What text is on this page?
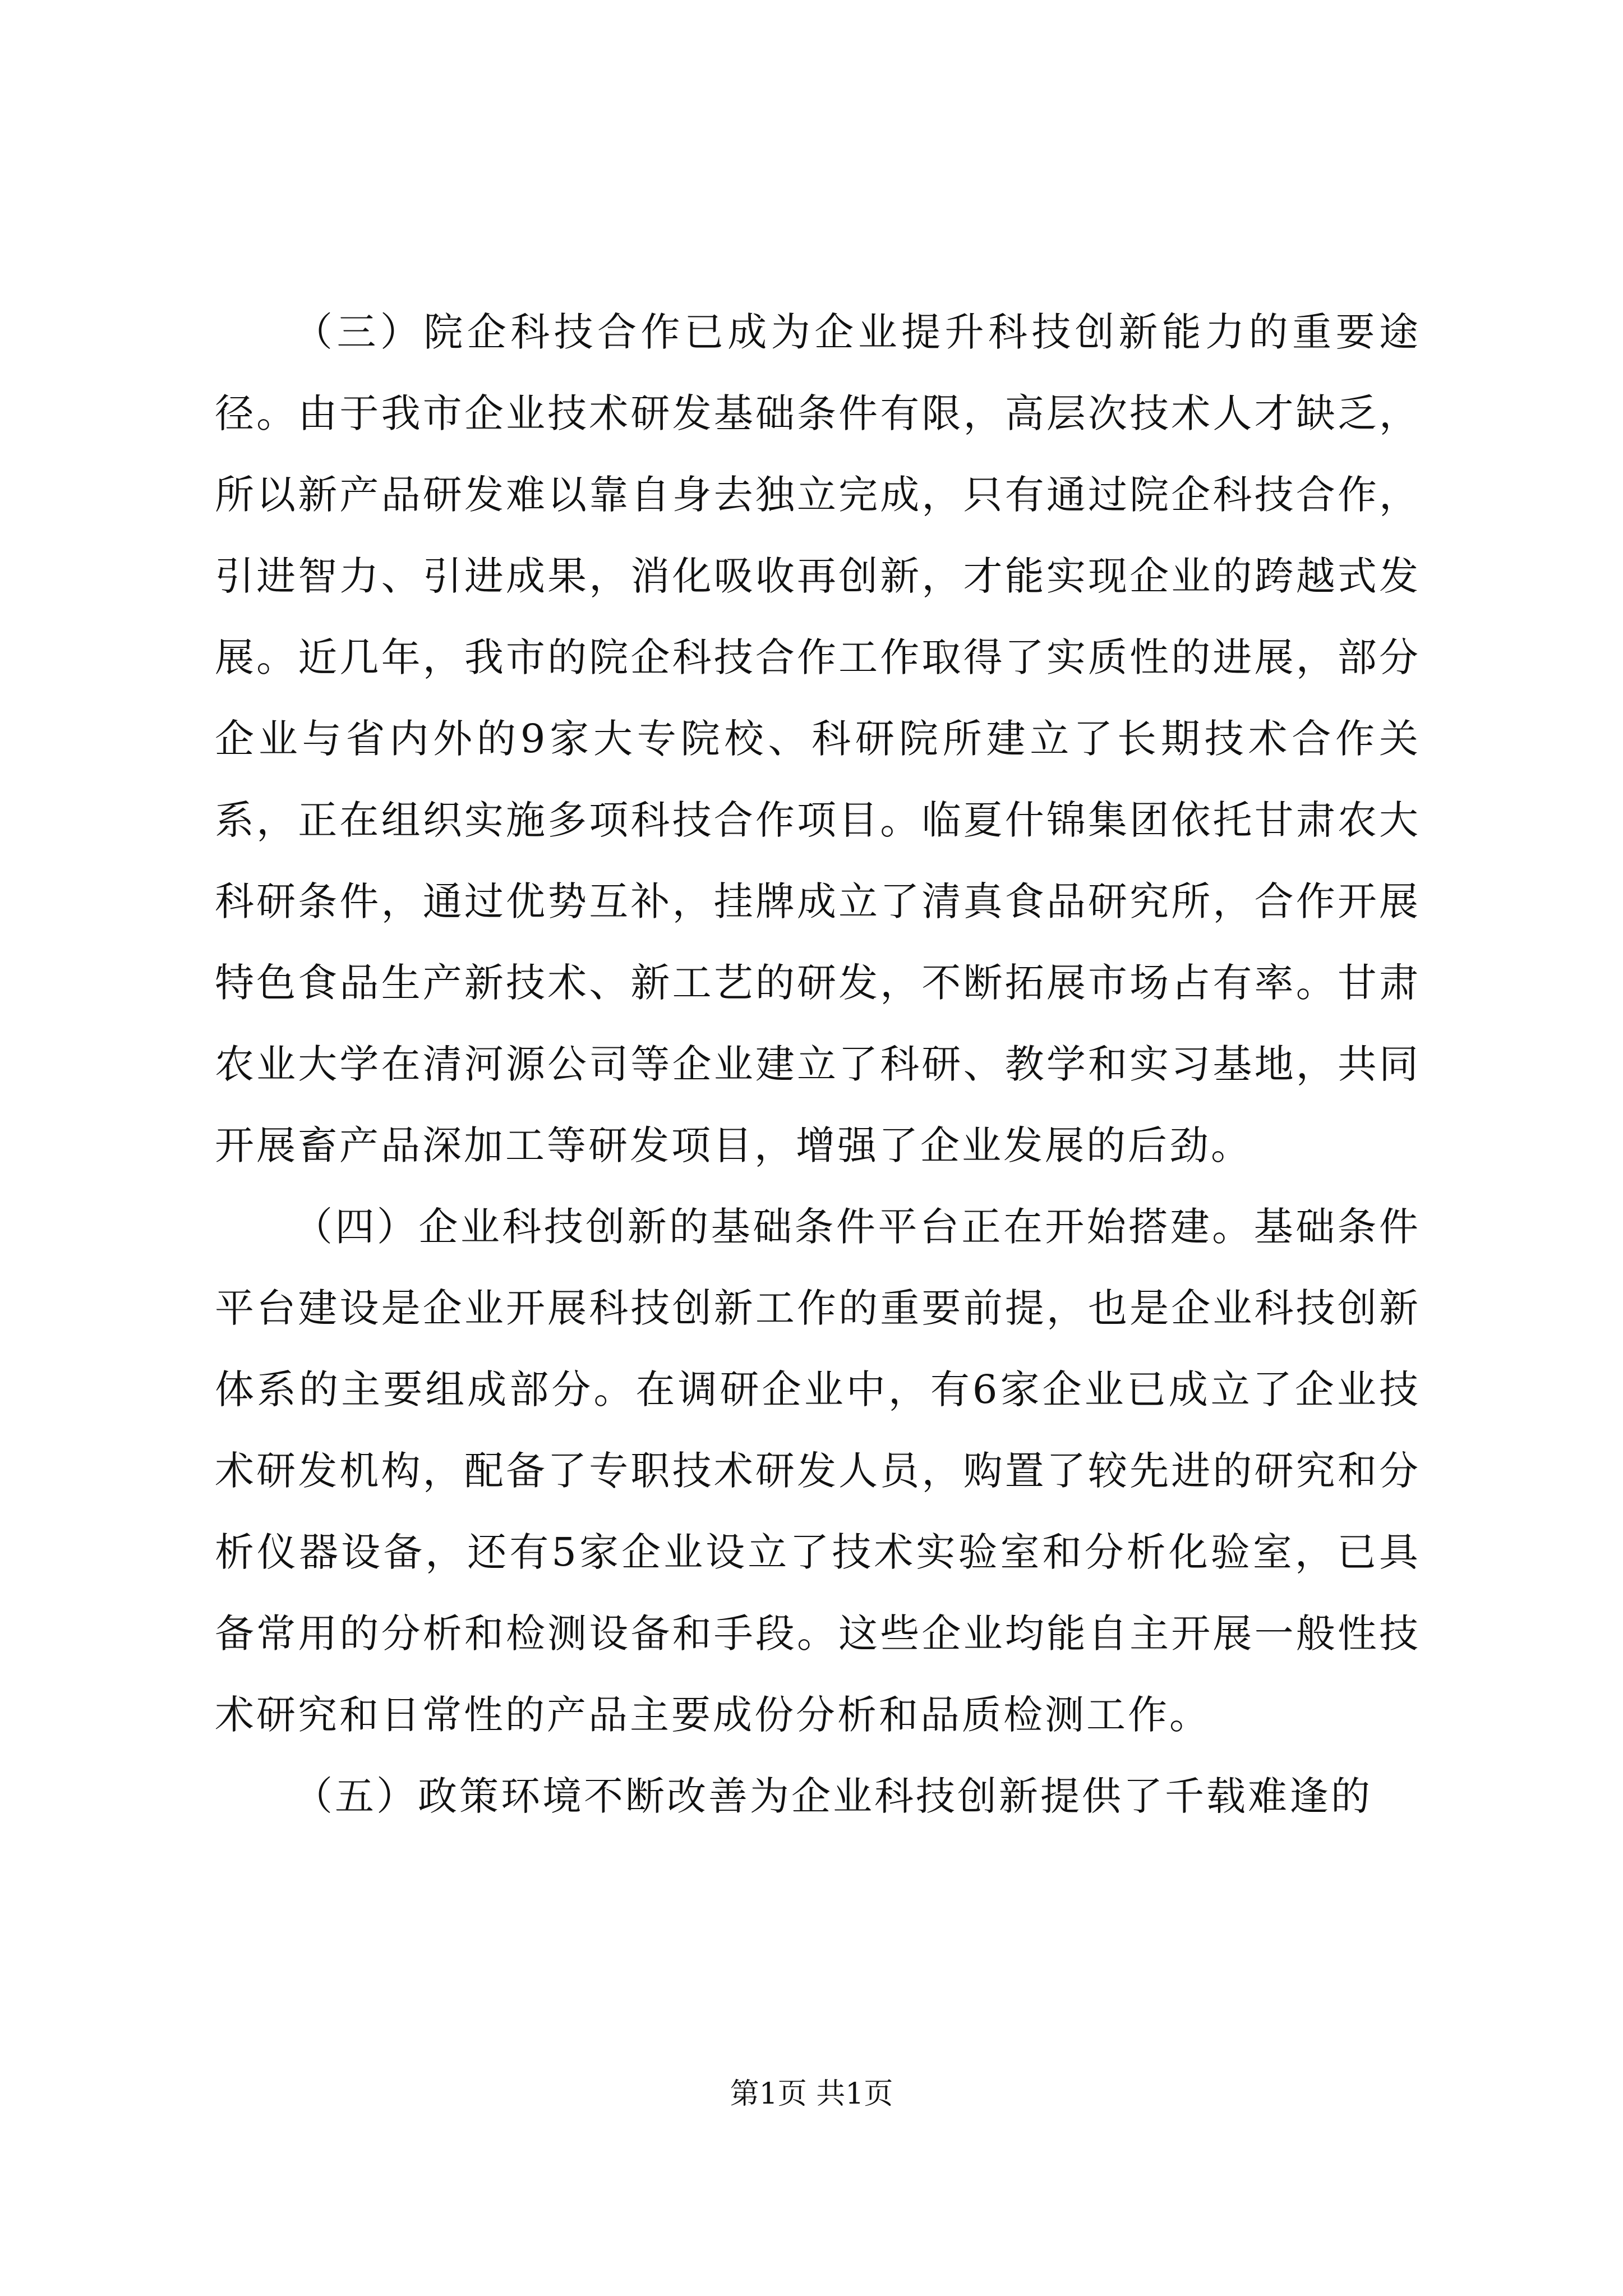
（三）院企科技合作已成为企业提升科技创新能力的重要途径。由于我市企业技术研发基础条件有限，高层次技术人才缺乏，所以新产品研发难以靠自身去独立完成，只有通过院企科技合作，引进智力、引进成果，消化吸收再创新，才能实现企业的跨越式发展。近几年，我市的院企科技合作工作取得了实质性的进展，部分企业与省内外的9家大专院校、科研院所建立了长期技术合作关系，正在组织实施多项科技合作项目。临夏什锦集团依托甘肃农大科研条件，通过优势互补，挂牌成立了清真食品研究所，合作开展特色食品生产新技术、新工艺的研发，不断拓展市场占有率。甘肃农业大学在清河源公司等企业建立了科研、教学和实习基地，共同开展畜产品深加工等研发项目，增强了企业发展的后劲。

（四）企业科技创新的基础条件平台正在开始搭建。基础条件平台建设是企业开展科技创新工作的重要前提，也是企业科技创新体系的主要组成部分。在调研企业中，有6家企业已成立了企业技术研发机构，配备了专职技术研发人员，购置了较先进的研究和分析仪器设备，还有5家企业设立了技术实验室和分析化验室，已具备常用的分析和检测设备和手段。这些企业均能自主开展一般性技术研究和日常性的产品主要成份分析和品质检测工作。

（五）政策环境不断改善为企业科技创新提供了千载难逢的

第1页 共1页
